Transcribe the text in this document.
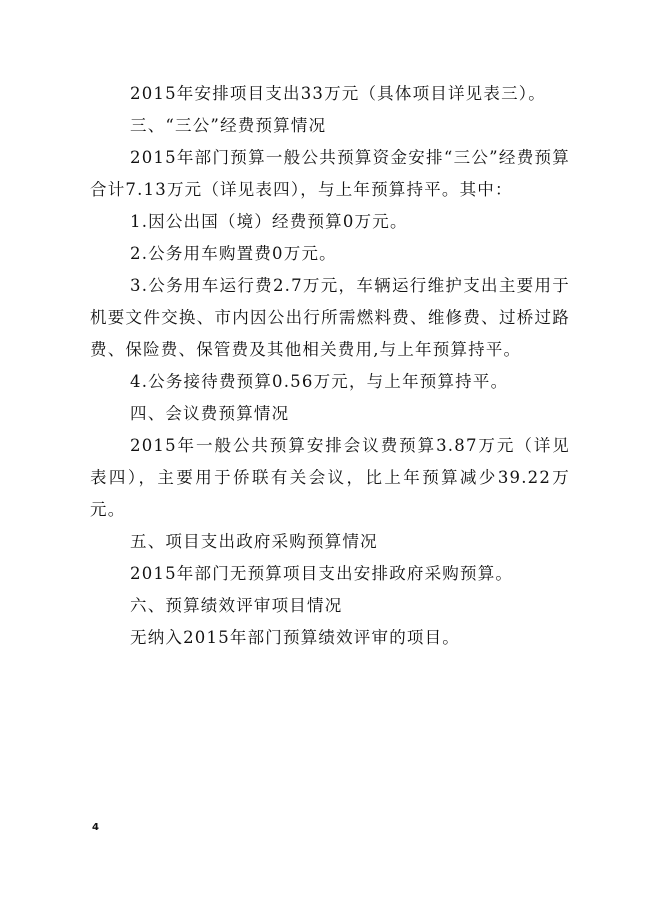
2015年安排项目支出33万元（具体项目详见表三）。

三、“三公”经费预算情况

2015年部门预算一般公共预算资金安排“三公”经费预算合计7.13万元（详见表四），与上年预算持平。其中：

1.因公出国（境）经费预算0万元。

2.公务用车购置费0万元。

3.公务用车运行费2.7万元，车辆运行维护支出主要用于机要文件交换、市内因公出行所需燃料费、维修费、过桥过路费、保险费、保管费及其他相关费用,与上年预算持平。

4.公务接待费预算0.56万元，与上年预算持平。

四、会议费预算情况

2015年一般公共预算安排会议费预算3.87万元（详见表四），主要用于侨联有关会议，比上年预算减少39.22万元。

五、项目支出政府采购预算情况

2015年部门无预算项目支出安排政府采购预算。

六、预算绩效评审项目情况

无纳入2015年部门预算绩效评审的项目。

4
